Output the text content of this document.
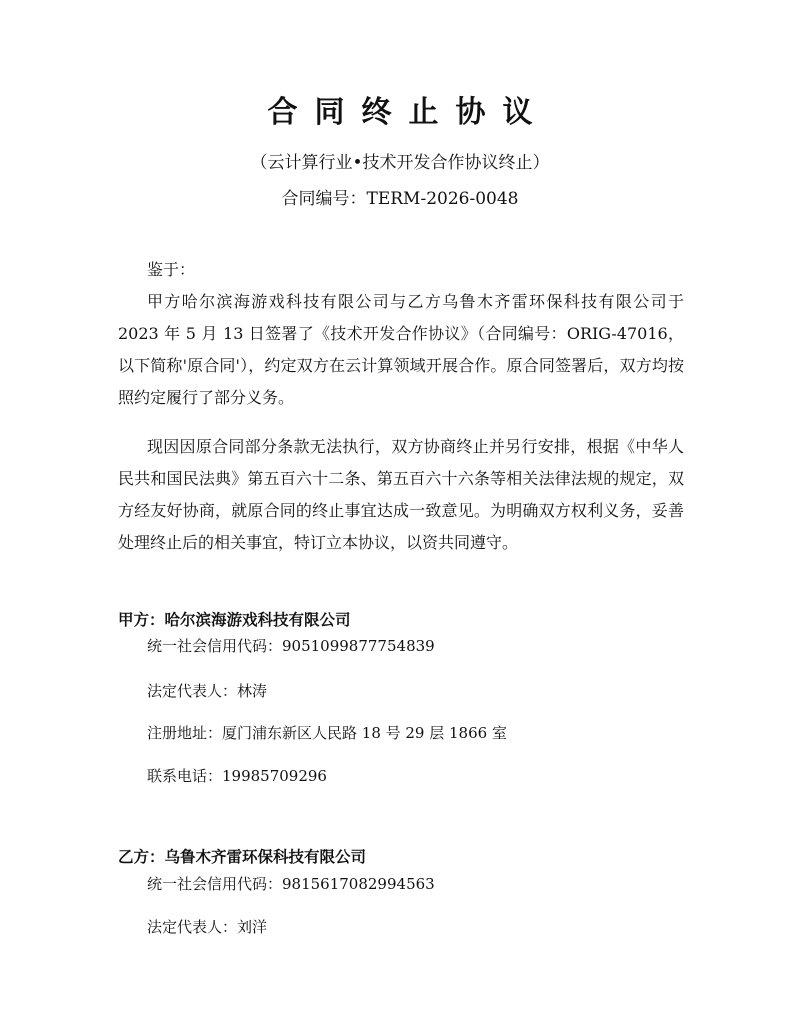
合同终止协议
（云计算行业•技术开发合作协议终止）
合同编号：TERM-2026-0048
鉴于：
甲方哈尔滨海游戏科技有限公司与乙方乌鲁木齐雷环保科技有限公司于 2023 年 5 月 13 日签署了《技术开发合作协议》（合同编号：ORIG-47016，以下简称'原合同'），约定双方在云计算领域开展合作。原合同签署后，双方均按照约定履行了部分义务。
现因因原合同部分条款无法执行，双方协商终止并另行安排，根据《中华人民共和国民法典》第五百六十二条、第五百六十六条等相关法律法规的规定，双方经友好协商，就原合同的终止事宜达成一致意见。为明确双方权利义务，妥善处理终止后的相关事宜，特订立本协议，以资共同遵守。
甲方：哈尔滨海游戏科技有限公司
统一社会信用代码：9051099877754839
法定代表人：林涛
注册地址：厦门浦东新区人民路 18 号 29 层 1866 室
联系电话：19985709296
乙方：乌鲁木齐雷环保科技有限公司
统一社会信用代码：9815617082994563
法定代表人：刘洋
